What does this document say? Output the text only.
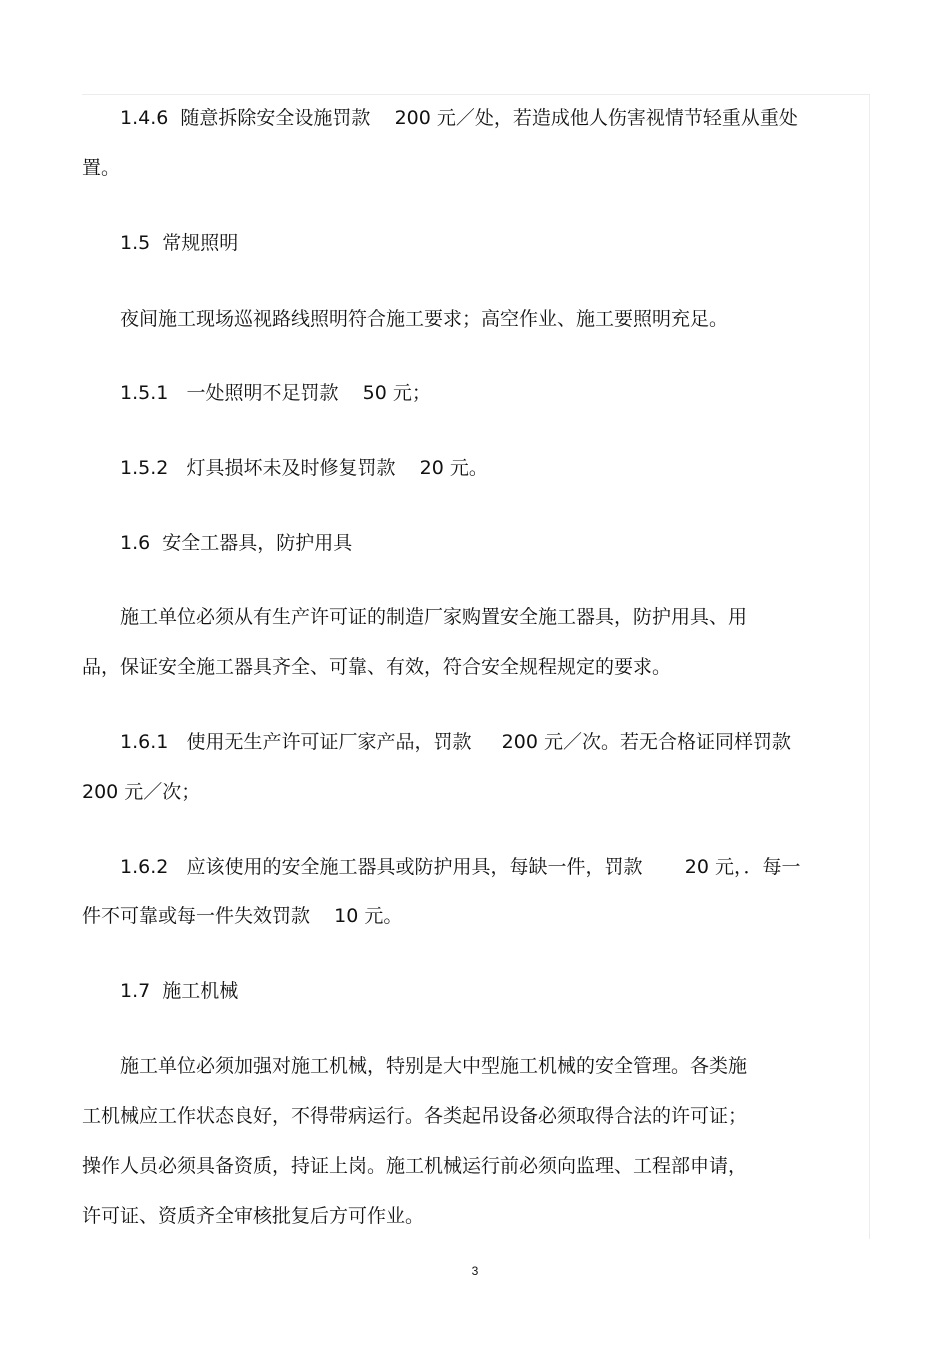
1.4.6  随意拆除安全设施罚款    200 元／处，若造成他人伤害视情节轻重从重处

置。

1.5  常规照明

夜间施工现场巡视路线照明符合施工要求；高空作业、施工要照明充足。

1.5.1   一处照明不足罚款    50 元；

1.5.2   灯具损坏未及时修复罚款    20 元。

1.6  安全工器具，防护用具

施工单位必须从有生产许可证的制造厂家购置安全施工器具，防护用具、用

品，保证安全施工器具齐全、可靠、有效，符合安全规程规定的要求。

1.6.1   使用无生产许可证厂家产品，罚款     200 元／次。若无合格证同样罚款

200 元／次；

1.6.2   应该使用的安全施工器具或防护用具，每缺一件，罚款       20 元，．每一

件不可靠或每一件失效罚款    10 元。

1.7  施工机械

施工单位必须加强对施工机械，特别是大中型施工机械的安全管理。各类施

工机械应工作状态良好，不得带病运行。各类起吊设备必须取得合法的许可证；

操作人员必须具备资质，持证上岗。施工机械运行前必须向监理、工程部申请，

许可证、资质齐全审核批复后方可作业。

3
